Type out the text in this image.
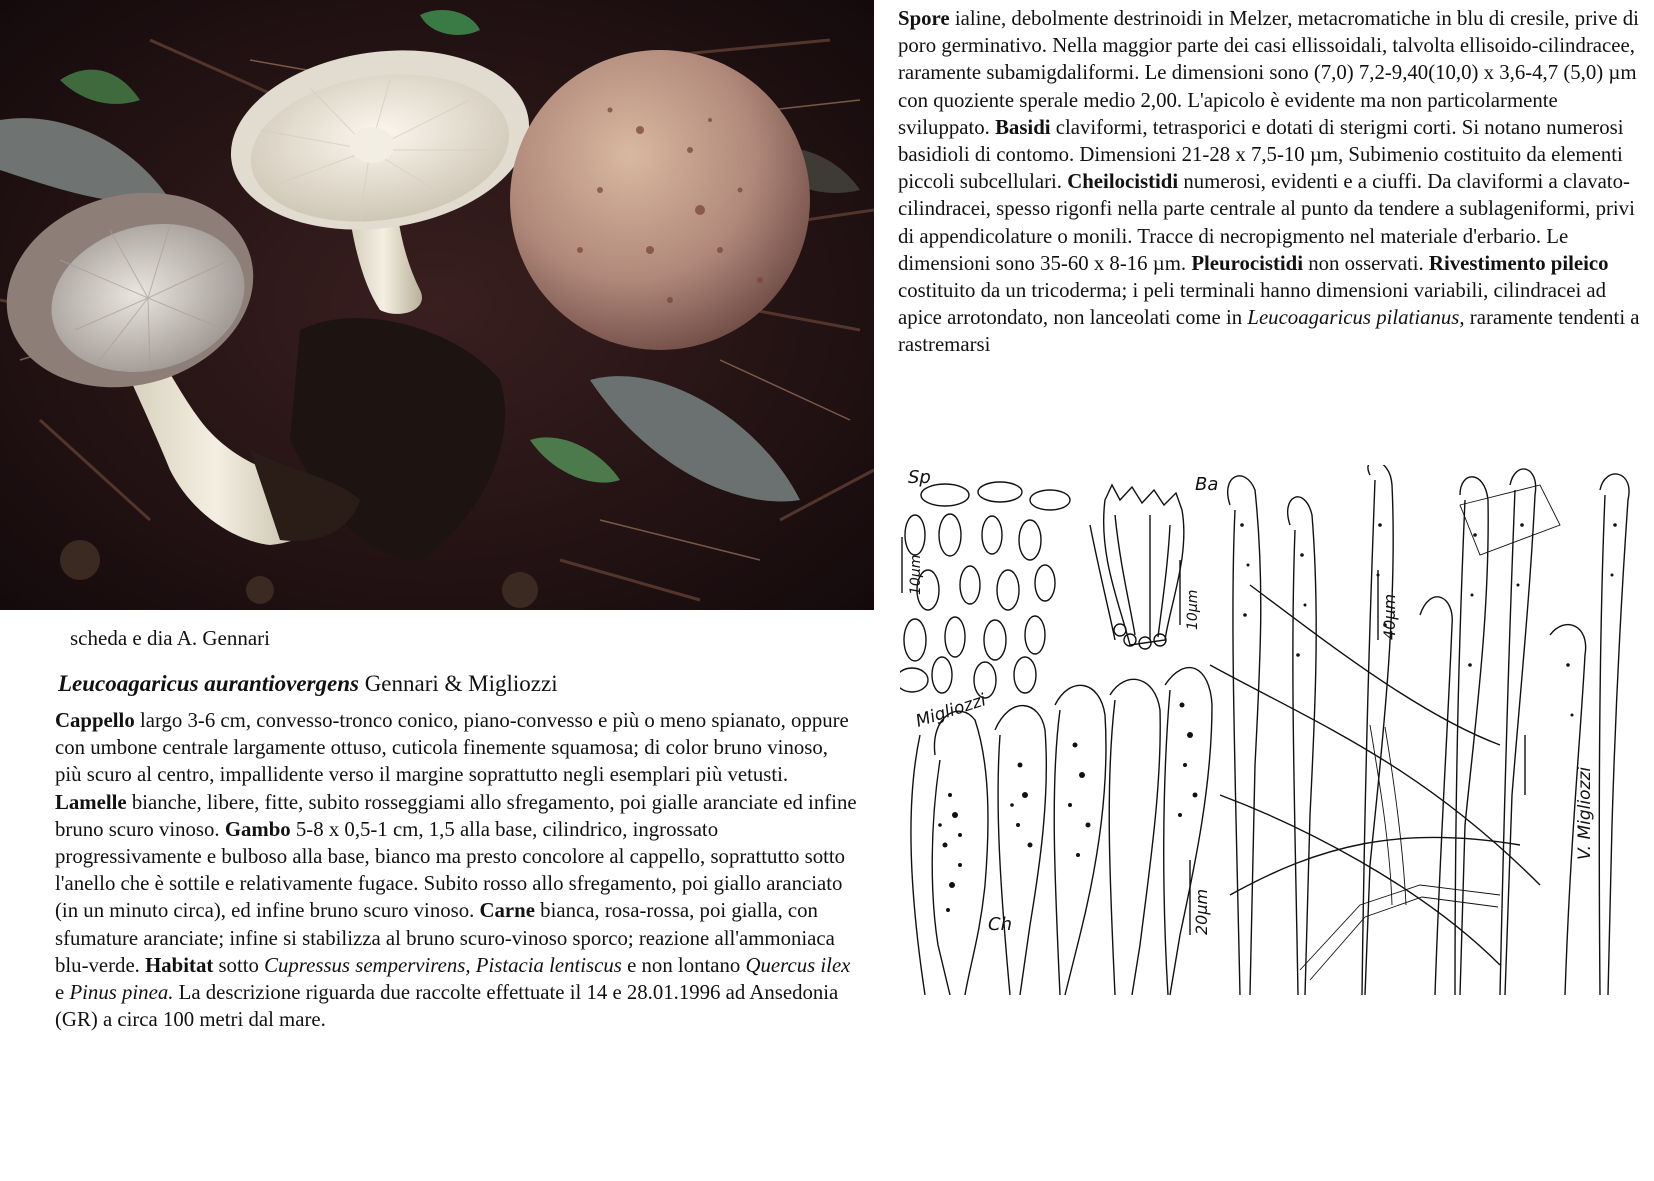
scheda e dia A. Gennari
Leucoagaricus aurantiovergens Gennari & Migliozzi

Cappello largo 3-6 cm, convesso-tronco conico, piano-convesso e più o meno spianato, oppure con umbone centrale largamente ottuso, cuticola finemente squamosa; di color bruno vinoso, più scuro al centro, impallidente verso il margine soprattutto negli esemplari più vetusti. Lamelle bianche, libere, fitte, subito rosseggiami allo sfregamento, poi gialle aranciate ed infine bruno scuro vinoso. Gambo 5-8 x 0,5-1 cm, 1,5 alla base, cilindrico, ingrossato progressivamente e bulboso alla base, bianco ma presto concolore al cappello, soprattutto sotto l'anello che è sottile e relativamente fugace. Subito rosso allo sfregamento, poi giallo aranciato (in un minuto circa), ed infine bruno scuro vinoso. Carne bianca, rosa-rossa, poi gialla, con sfumature aranciate; infine si stabilizza al bruno scuro-vinoso sporco; reazione all'ammoniaca blu-verde. Habitat sotto Cupressus sempervirens, Pistacia lentiscus e non lontano Quercus ilex e Pinus pinea. La descrizione riguarda due raccolte effettuate il 14 e 28.01.1996 ad Ansedonia (GR) a circa 100 metri dal mare.

Spore ialine, debolmente destrinoidi in Melzer, metacromatiche in blu di cresile, prive di poro germinativo. Nella maggior parte dei casi ellissoidali, talvolta ellisoido-cilindracee, raramente subamigdaliformi. Le dimensioni sono (7,0) 7,2-9,40(10,0) x 3,6-4,7 (5,0) µm con quoziente sperale medio 2,00. L'apicolo è evidente ma non particolarmente sviluppato. Basidi claviformi, tetrasporici e dotati di sterigmi corti. Si notano numerosi basidioli di contomo. Dimensioni 21-28 x 7,5-10 µm, Subimenio costituito da elementi piccoli subcellulari. Cheilocistidi numerosi, evidenti e a ciuffi. Da claviformi a clavato-cilindracei, spesso rigonfi nella parte centrale al punto da tendere a sublageniformi, privi di appendicolature o monili. Tracce di necropigmento nel materiale d'erbario. Le dimensioni sono 35-60 x 8-16 µm. Pleurocistidi non osservati. Rivestimento pileico costituito da un tricoderma; i peli terminali hanno dimensioni variabili, cilindracei ad apice arrotondato, non lanceolati come in Leucoagaricus pilatianus, raramente tendenti a rastremarsi

Sp	Ba
Ch
10µm
10µm	40µm
20µm
Migliozzi
V. Migliozzi
